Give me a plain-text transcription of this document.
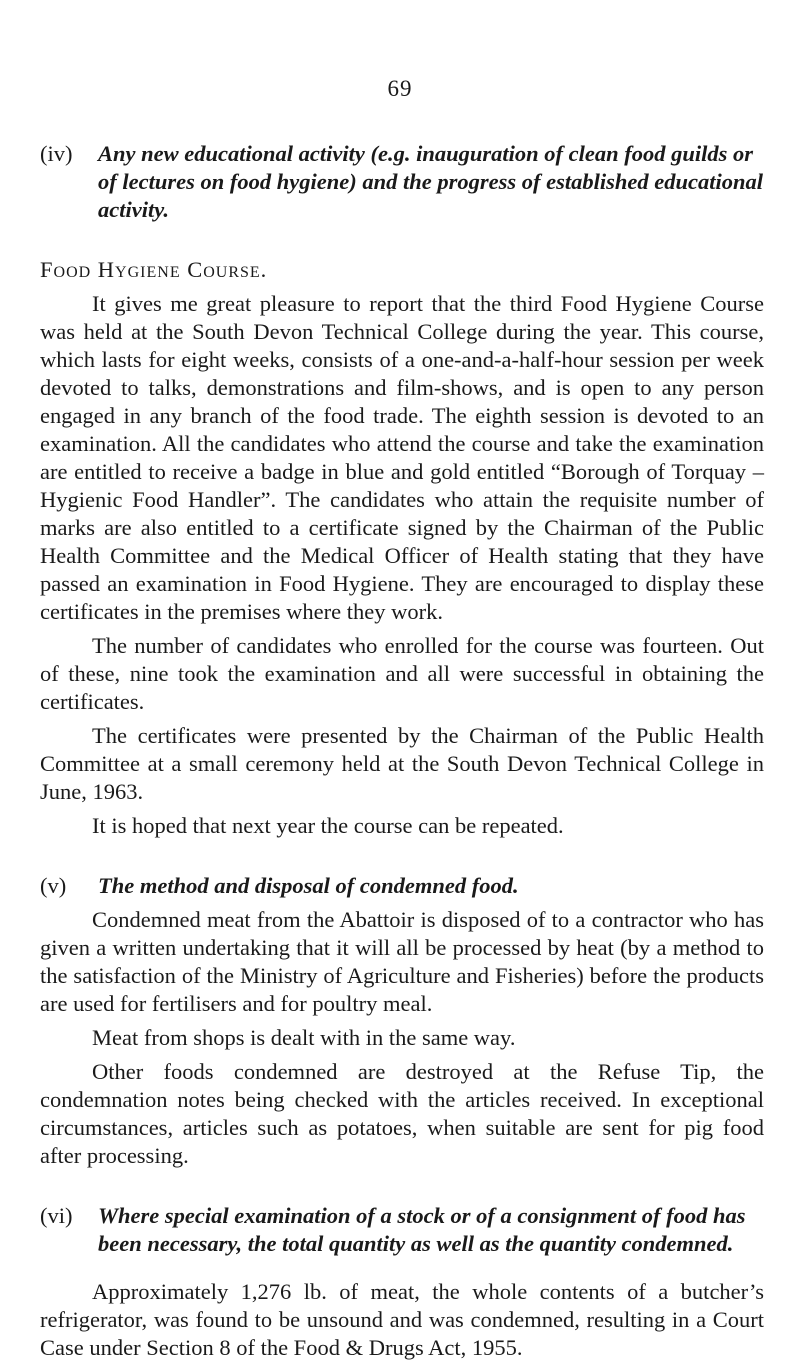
69
(iv)	Any new educational activity (e.g. inauguration of clean food guilds or of lectures on food hygiene) and the progress of established educational activity.

Food Hygiene Course.

It gives me great pleasure to report that the third Food Hygiene Course was held at the South Devon Technical College during the year. This course, which lasts for eight weeks, consists of a one-and-a-half-hour session per week devoted to talks, demonstrations and film-shows, and is open to any person engaged in any branch of the food trade. The eighth session is devoted to an examination. All the candidates who attend the course and take the examination are entitled to receive a badge in blue and gold entitled “Borough of Torquay – Hygienic Food Handler”. The candidates who attain the requisite number of marks are also entitled to a certificate signed by the Chairman of the Public Health Committee and the Medical Officer of Health stating that they have passed an examination in Food Hygiene. They are encouraged to display these certificates in the premises where they work.

The number of candidates who enrolled for the course was fourteen. Out of these, nine took the examination and all were successful in obtaining the certificates.

The certificates were presented by the Chairman of the Public Health Committee at a small ceremony held at the South Devon Technical College in June, 1963.

It is hoped that next year the course can be repeated.

(v)	The method and disposal of condemned food.

Condemned meat from the Abattoir is disposed of to a contractor who has given a written undertaking that it will all be processed by heat (by a method to the satisfaction of the Ministry of Agriculture and Fisheries) before the products are used for fertilisers and for poultry meal.

Meat from shops is dealt with in the same way.

Other foods condemned are destroyed at the Refuse Tip, the condemnation notes being checked with the articles received. In exceptional circumstances, articles such as potatoes, when suitable are sent for pig food after processing.

(vi)	Where special examination of a stock or of a consignment of food has been necessary, the total quantity as well as the quantity condemned.

Approximately 1,276 lb. of meat, the whole contents of a butcher’s refrigerator, was found to be unsound and was condemned, resulting in a Court Case under Section 8 of the Food & Drugs Act, 1955.
